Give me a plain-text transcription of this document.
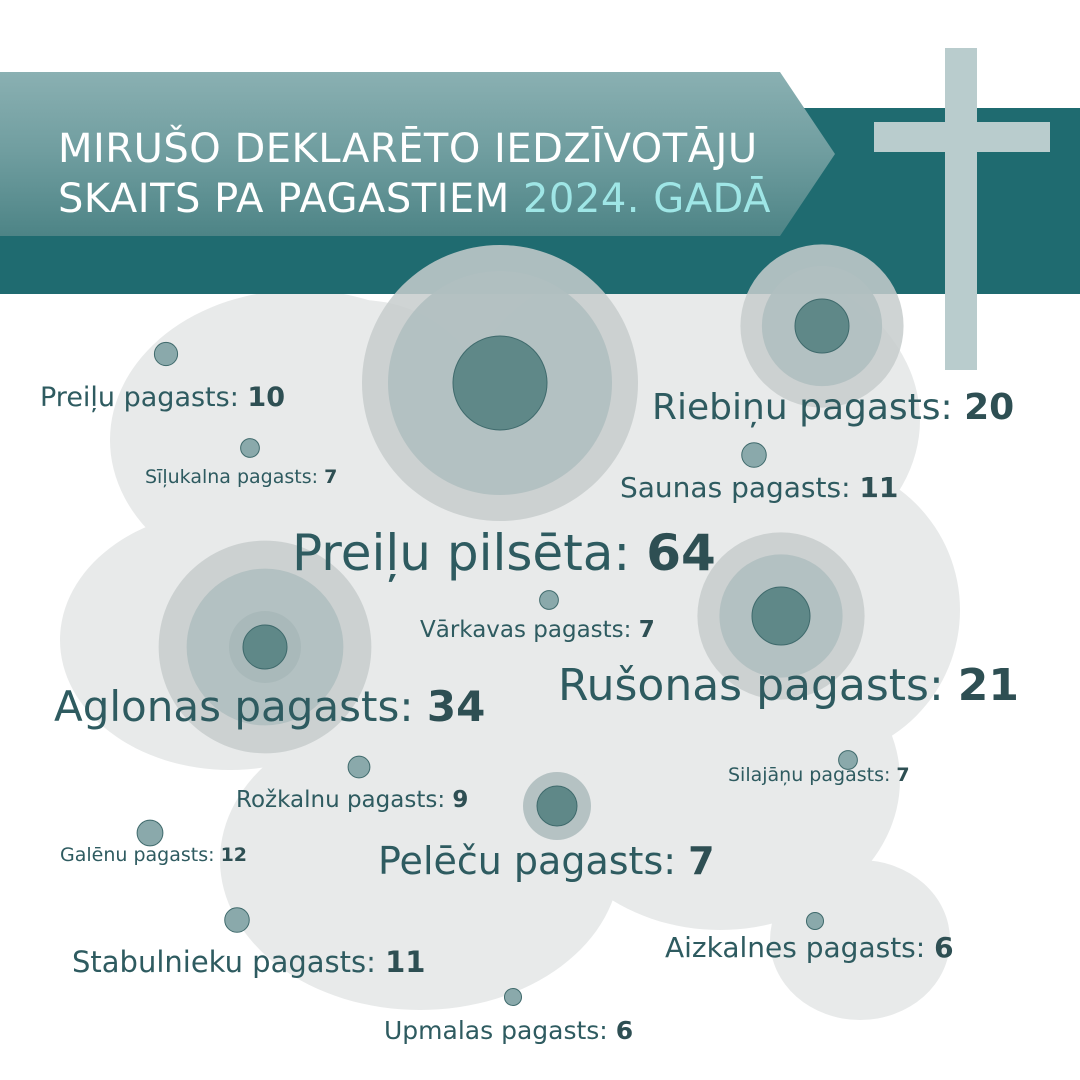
MIRUŠO DEKLARĒTO IEDZĪVOTĀJU
SKAITS PA PAGASTIEM 2024. GADĀ
Preiļu pagasts: 10	Riebiņu pagasts: 20
Sīļukalna pagasts: 7	Saunas pagasts: 11
Preiļu pilsēta: 64
Vārkavas pagasts: 7
Aglonas pagasts: 34 Rušonas pagasts: 21
Silajāņu pagasts: 7
Rožkalnu pagasts: 9
Galēnu pagasts: 12	Pelēču pagasts: 7
Stabulnieku pagasts: 11	Aizkalnes pagasts: 6
Upmalas pagasts: 6
